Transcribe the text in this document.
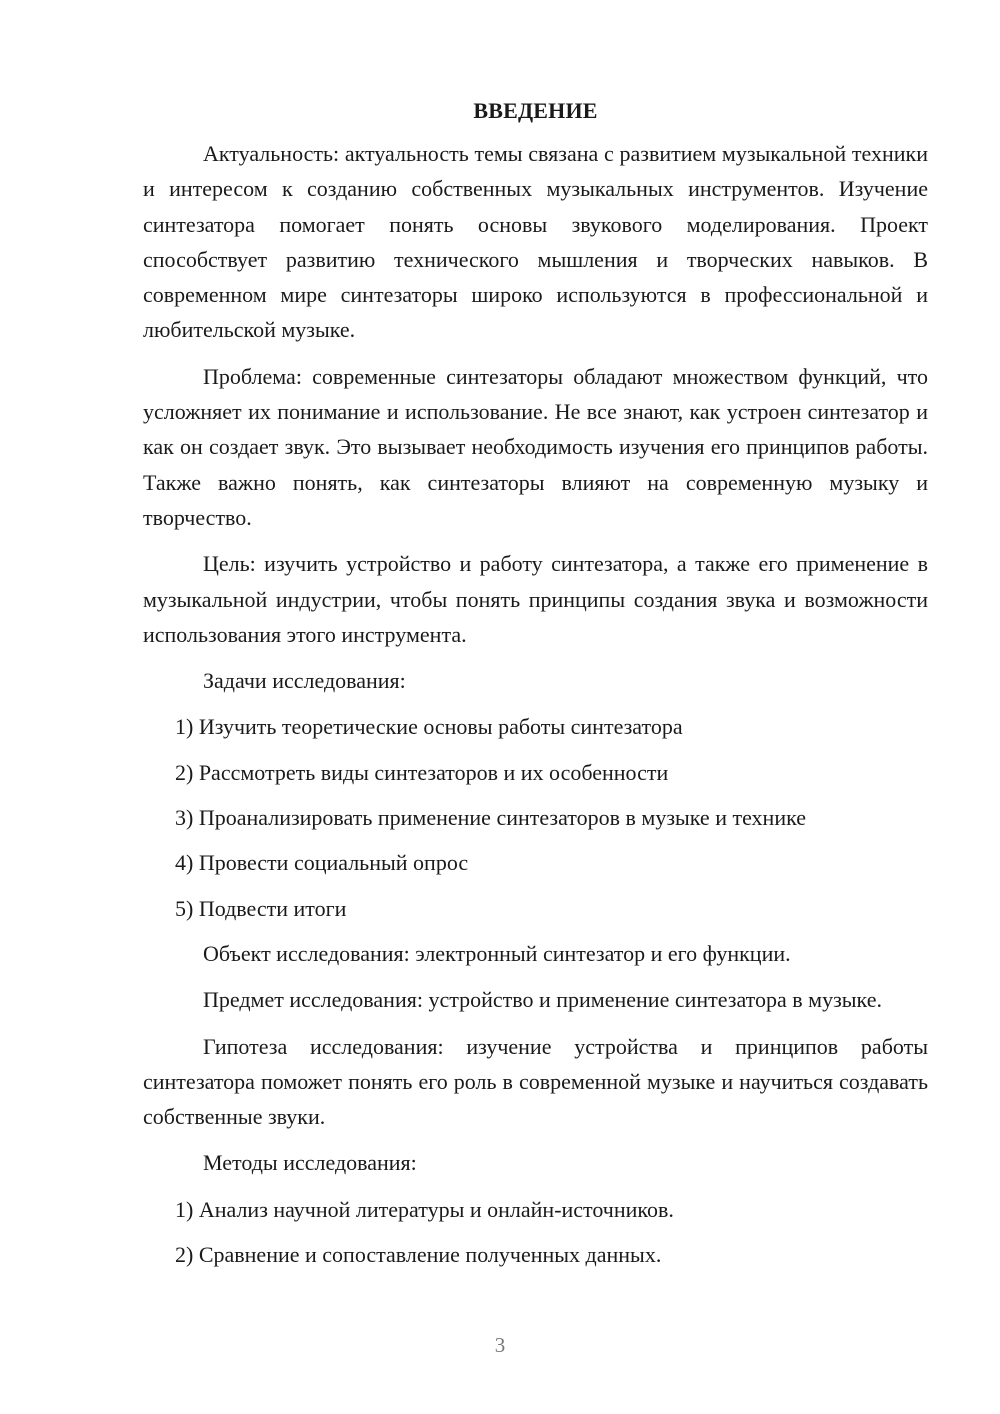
ВВЕДЕНИЕ

Актуальность: актуальность темы связана с развитием музыкальной техники и интересом к созданию собственных музыкальных инструментов. Изучение синтезатора помогает понять основы звукового моделирования. Проект способствует развитию технического мышления и творческих навыков. В современном мире синтезаторы широко используются в профессиональной и любительской музыке.

Проблема: современные синтезаторы обладают множеством функций, что усложняет их понимание и использование. Не все знают, как устроен синтезатор и как он создает звук. Это вызывает необходимость изучения его принципов работы. Также важно понять, как синтезаторы влияют на современную музыку и творчество.

Цель: изучить устройство и работу синтезатора, а также его применение в музыкальной индустрии, чтобы понять принципы создания звука и возможности использования этого инструмента.

Задачи исследования:

1) Изучить теоретические основы работы синтезатора
2) Рассмотреть виды синтезаторов и их особенности
3) Проанализировать применение синтезаторов в музыке и технике
4) Провести социальный опрос
5) Подвести итоги

Объект исследования: электронный синтезатор и его функции.

Предмет исследования: устройство и применение синтезатора в музыке.

Гипотеза исследования: изучение устройства и принципов работы синтезатора поможет понять его роль в современной музыке и научиться создавать собственные звуки.

Методы исследования:

1) Анализ научной литературы и онлайн-источников.
2) Сравнение и сопоставление полученных данных.
3
